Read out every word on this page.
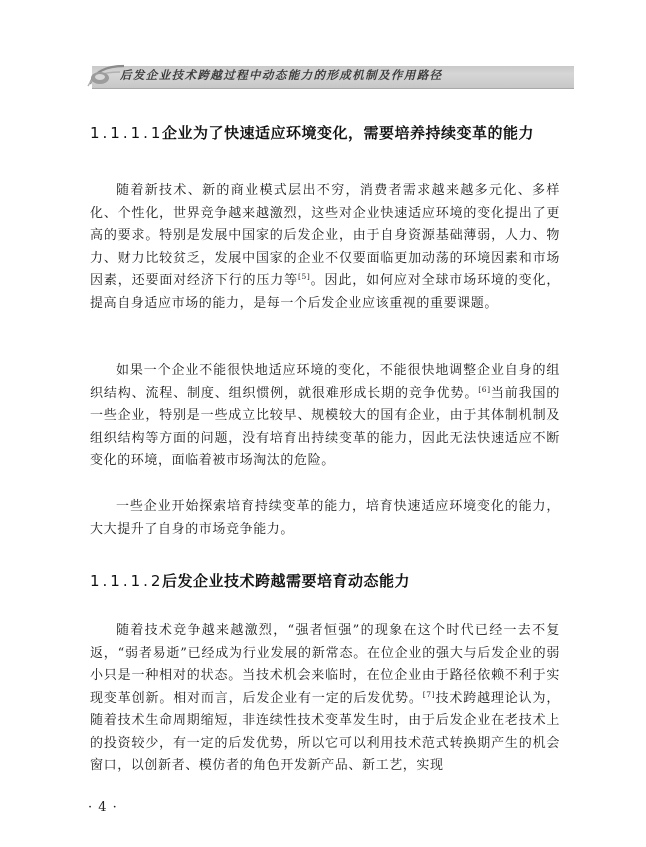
后发企业技术跨越过程中动态能力的形成机制及作用路径
1.1.1.1
企业为了快速适应环境变化，需要培养持续变革的能力

随着新技术、新的商业模式层出不穷，消费者需求越来越多元化、多样化、个性化，世界竞争越来越激烈，这些对企业快速适应环境的变化提出了更高的要求。特别是发展中国家的后发企业，由于自身资源基础薄弱，人力、物力、财力比较贫乏，发展中国家的企业不仅要面临更加动荡的环境因素和市场因素，还要面对经济下行的压力等[5]。因此，如何应对全球市场环境的变化，提高自身适应市场的能力，是每一个后发企业应该重视的重要课题。

如果一个企业不能很快地适应环境的变化，不能很快地调整企业自身的组织结构、流程、制度、组织惯例，就很难形成长期的竞争优势。[6]当前我国的一些企业，特别是一些成立比较早、规模较大的国有企业，由于其体制机制及组织结构等方面的问题，没有培育出持续变革的能力，因此无法快速适应不断变化的环境，面临着被市场淘汰的危险。

一些企业开始探索培育持续变革的能力，培育快速适应环境变化的能力，大大提升了自身的市场竞争能力。

1.1.1.2
后发企业技术跨越需要培育动态能力

随着技术竞争越来越激烈，“强者恒强”的现象在这个时代已经一去不复返，“弱者易逝”已经成为行业发展的新常态。在位企业的强大与后发企业的弱小只是一种相对的状态。当技术机会来临时，在位企业由于路径依赖不利于实现变革创新。相对而言，后发企业有一定的后发优势。[7]技术跨越理论认为，随着技术生命周期缩短，非连续性技术变革发生时，由于后发企业在老技术上的投资较少，有一定的后发优势，所以它可以利用技术范式转换期产生的机会窗口，以创新者、模仿者的角色开发新产品、新工艺，实现

· 4 ·
